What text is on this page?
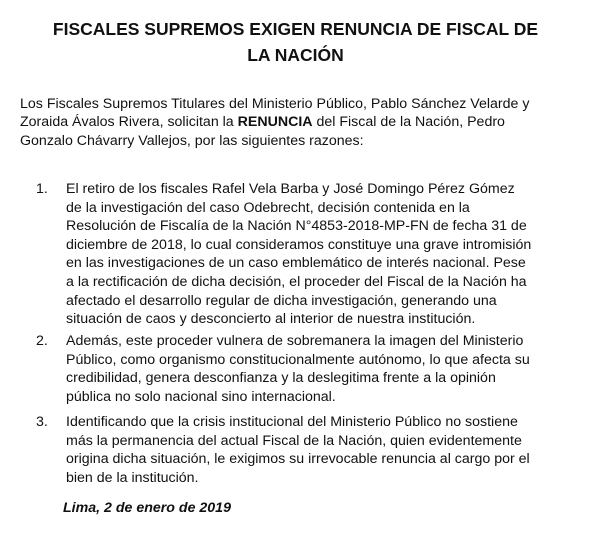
FISCALES SUPREMOS EXIGEN RENUNCIA DE FISCAL DE
LA NACIÓN

Los Fiscales Supremos Titulares del Ministerio Público, Pablo Sánchez Velarde y
Zoraida Ávalos Rivera, solicitan la RENUNCIA del Fiscal de la Nación, Pedro
Gonzalo Chávarry Vallejos, por las siguientes razones:

1.	El retiro de los fiscales Rafel Vela Barba y José Domingo Pérez Gómez
de la investigación del caso Odebrecht, decisión contenida en la
Resolución de Fiscalía de la Nación N°4853-2018-MP-FN de fecha 31 de
diciembre de 2018, lo cual consideramos constituye una grave intromisión
en las investigaciones de un caso emblemático de interés nacional. Pese
a la rectificación de dicha decisión, el proceder del Fiscal de la Nación ha
afectado el desarrollo regular de dicha investigación, generando una
situación de caos y desconcierto al interior de nuestra institución.
2.	Además, este proceder vulnera de sobremanera la imagen del Ministerio
Público, como organismo constitucionalmente autónomo, lo que afecta su
credibilidad, genera desconfianza y la deslegitima frente a la opinión
pública no solo nacional sino internacional.
3.	Identificando que la crisis institucional del Ministerio Público no sostiene
más la permanencia del actual Fiscal de la Nación, quien evidentemente
origina dicha situación, le exigimos su irrevocable renuncia al cargo por el
bien de la institución.
Lima, 2 de enero de 2019
